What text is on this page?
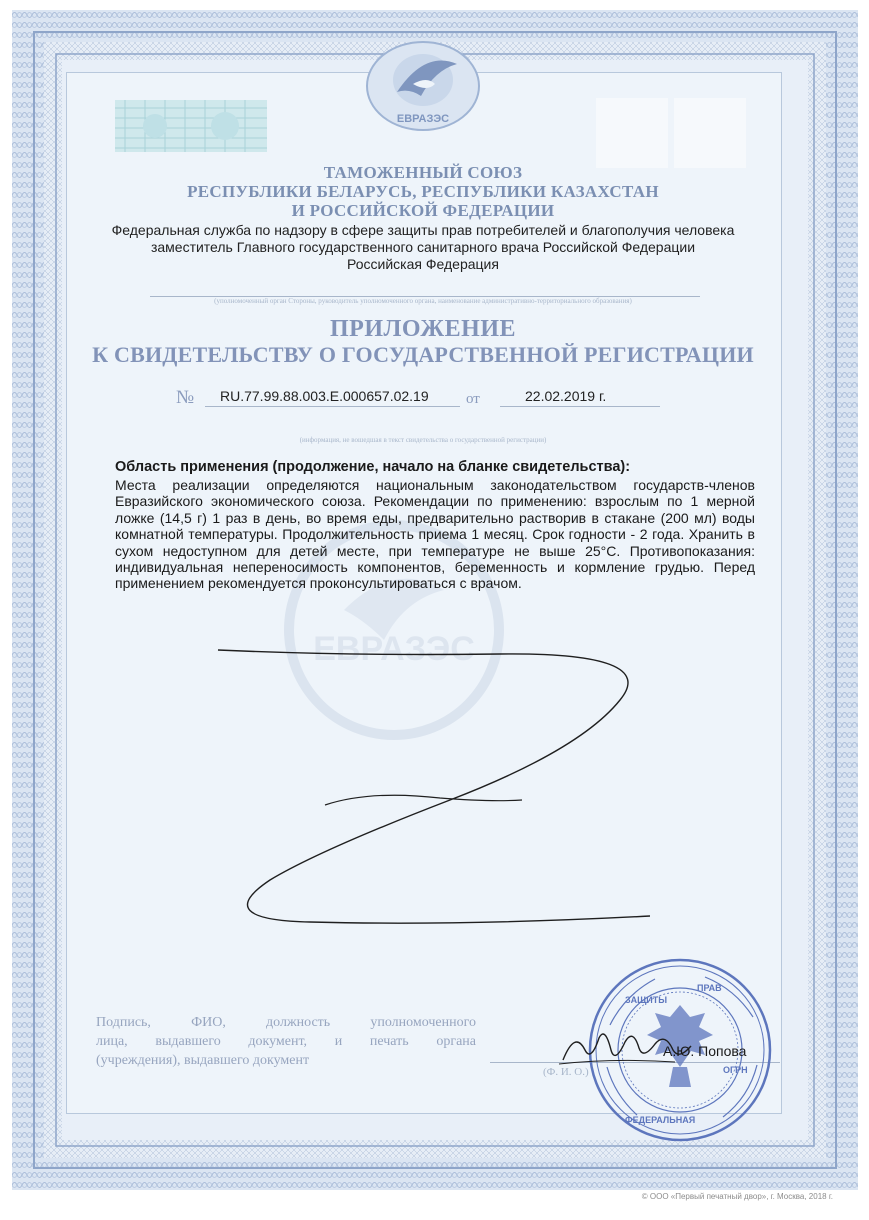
ЕВРАЗЭС
ЕВРАЗЭС
ТАМОЖЕННЫЙ СОЮЗ
РЕСПУБЛИКИ БЕЛАРУСЬ, РЕСПУБЛИКИ КАЗАХСТАН
И РОССИЙСКОЙ ФЕДЕРАЦИИ
Федеральная служба по надзору в сфере защиты прав потребителей и благополучия человека
заместитель Главного государственного санитарного врача Российской Федерации
Российская Федерация
(уполномоченный орган Стороны, руководитель уполномоченного органа, наименование административно-территориального образования)
ПРИЛОЖЕНИЕ
К СВИДЕТЕЛЬСТВУ О ГОСУДАРСТВЕННОЙ РЕГИСТРАЦИИ
№ RU.77.99.88.003.E.000657.02.19 от	22.02.2019 г.
(информация, не вошедшая в текст свидетельства о государственной регистрации)
Область применения (продолжение, начало на бланке свидетельства):
Места реализации определяются национальным законодательством государств-членов
Евразийского экономического союза. Рекомендации по применению: взрослым по 1 мерной
ложке (14,5 г) 1 раз в день, во время еды, предварительно растворив в стакане (200 мл) воды
комнатной температуры. Продолжительность приема 1 месяц. Срок годности - 2 года. Хранить в
сухом недоступном для детей месте, при температуре не выше 25°С. Противопоказания:
индивидуальная непереносимость компонентов, беременность и кормление грудью. Перед
применением рекомендуется проконсультироваться с врачом.
Подпись, ФИО, должность уполномоченного
лица, выдавшего документ, и печать органа
(учреждения), выдавшего документ
(Ф. И. О.)
ЗАЩИТЫ
ПРАВ
ОГРН
ФЕДЕРАЛЬНАЯ
А.Ю. Попова
© ООО «Первый печатный двор», г. Москва, 2018 г.
